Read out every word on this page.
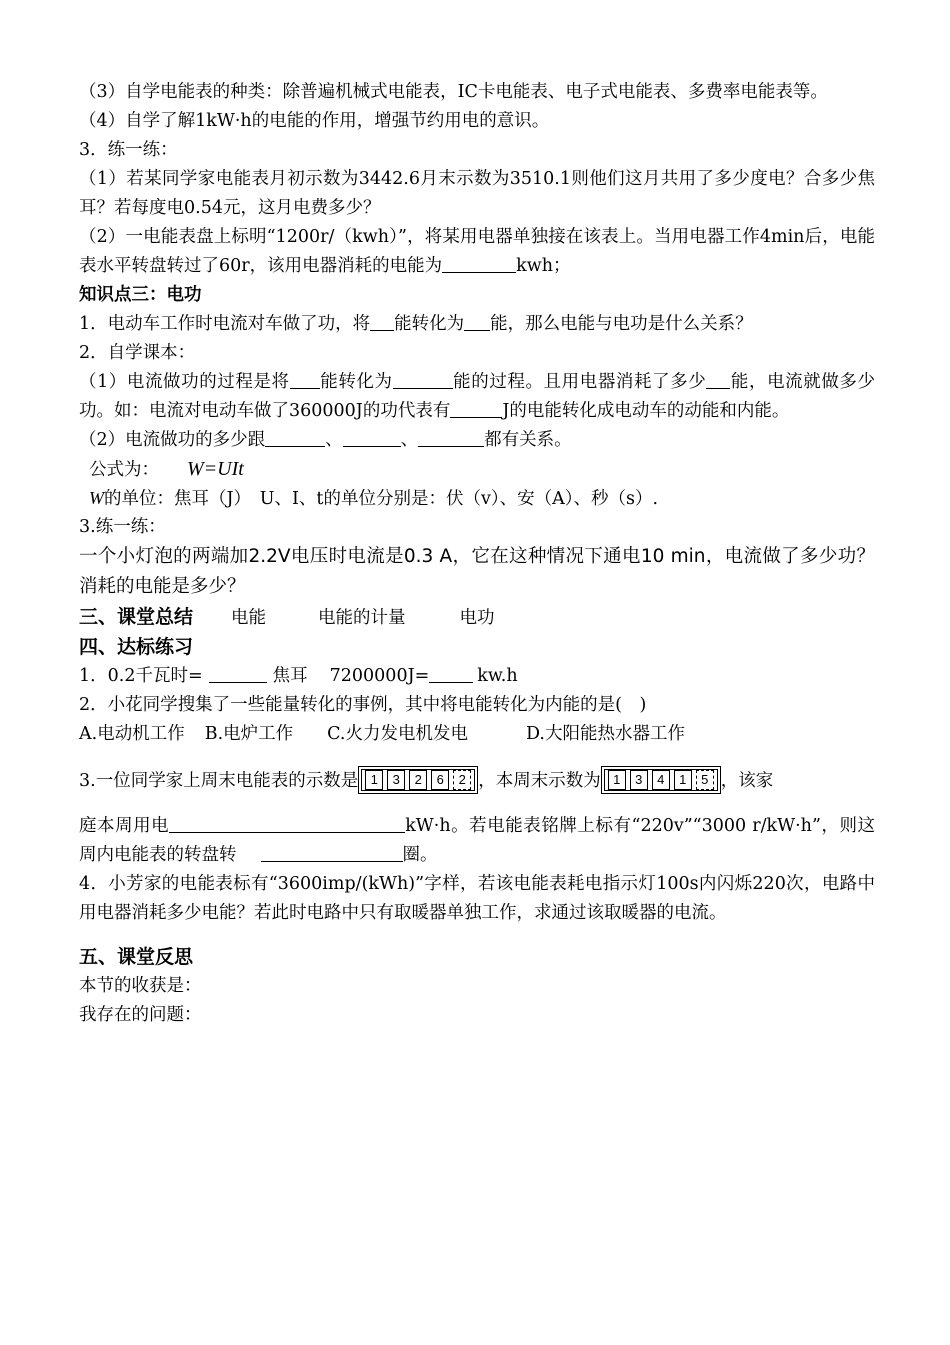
（3）自学电能表的种类：除普遍机械式电能表，IC卡电能表、电子式电能表、多费率电能表等。
（4）自学了解1kW·h的电能的作用，增强节约用电的意识。
3．练一练：
（1）若某同学家电能表月初示数为3442.6月末示数为3510.1则他们这月共用了多少度电？合多少焦耳？若每度电0.54元，这月电费多少？
（2）一电能表盘上标明“1200r/（kwh）”，将某用电器单独接在该表上。当用电器工作4min后，电能表水平转盘转过了60r，该用电器消耗的电能为	kwh；
知识点三：电功
1．电动车工作时电流对车做了功，将 能转化为 能，那么电能与电功是什么关系？
2．自学课本：
（1）电流做功的过程是将 能转化为	能的过程。且用电器消耗了多少 能，电流就做多少功。如：电流对电动车做了360000J的功代表有	J的电能转化成电动车的动能和内能。
（2）电流做功的多少跟	、	、	都有关系。
公式为： W=UIt
W的单位：焦耳（J）　U、I、t的单位分别是：伏（v）、安（A）、秒（s）.
3.练一练：
一个小灯泡的两端加2.2V电压时电流是0.3 A，它在这种情况下通电10 min，电流做了多少功？消耗的电能是多少？
三、课堂总结 电能	电能的计量	电功
四、达标练习
1．0.2千瓦时=	焦耳 7200000J=	kw.h
2．小花同学搜集了一些能量转化的事例，其中将电能转化为内能的是(　)
A.电动机工作 B.电炉工作 C.火力发电机发电	D.大阳能热水器工作
3.一位同学家上周末电能表的示数是 1 3 2 6 2 ，本周末示数为 1 3 4 1 5 ，该家
庭本周用电	kW·h。若电能表铭牌上标有“220v”“3000 r/kW·h”，则这周内电能表的转盘转	圈。
4．小芳家的电能表标有“3600imp/(kWh)”字样，若该电能表耗电指示灯100s内闪烁220次，电路中用电器消耗多少电能？若此时电路中只有取暖器单独工作，求通过该取暖器的电流。
五、课堂反思
本节的收获是：
我存在的问题：
